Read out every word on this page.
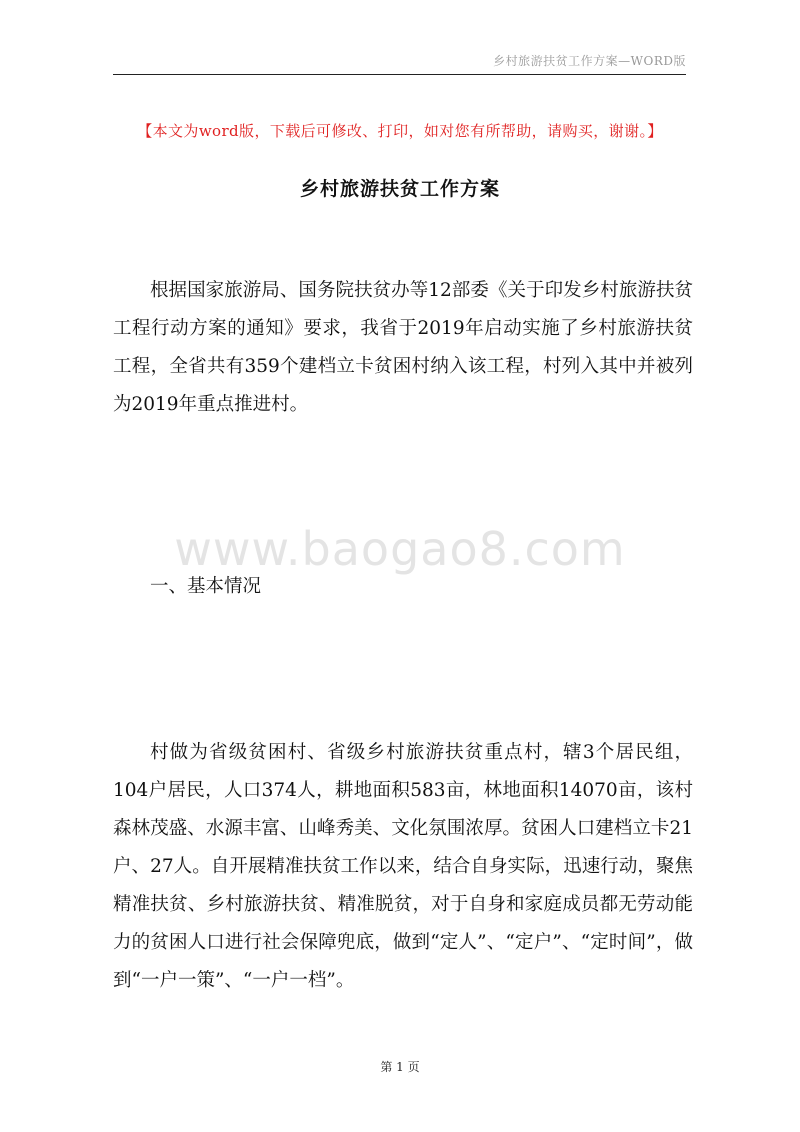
乡村旅游扶贫工作方案—WORD版
【本文为word版，下载后可修改、打印，如对您有所帮助，请购买，谢谢。】
乡村旅游扶贫工作方案

根据国家旅游局、国务院扶贫办等12部委《关于印发乡村旅游扶贫工程行动方案的通知》要求，我省于2019年启动实施了乡村旅游扶贫工程，全省共有359个建档立卡贫困村纳入该工程，村列入其中并被列为2019年重点推进村。

www.baogao8.com
一、基本情况

村做为省级贫困村、省级乡村旅游扶贫重点村，辖3个居民组，104户居民，人口374人，耕地面积583亩，林地面积14070亩，该村森林茂盛、水源丰富、山峰秀美、文化氛围浓厚。贫困人口建档立卡21户、27人。自开展精准扶贫工作以来，结合自身实际，迅速行动，聚焦精准扶贫、乡村旅游扶贫、精准脱贫，对于自身和家庭成员都无劳动能力的贫困人口进行社会保障兜底，做到“定人”、“定户”、“定时间”，做到“一户一策”、“一户一档”。

第 1 页
